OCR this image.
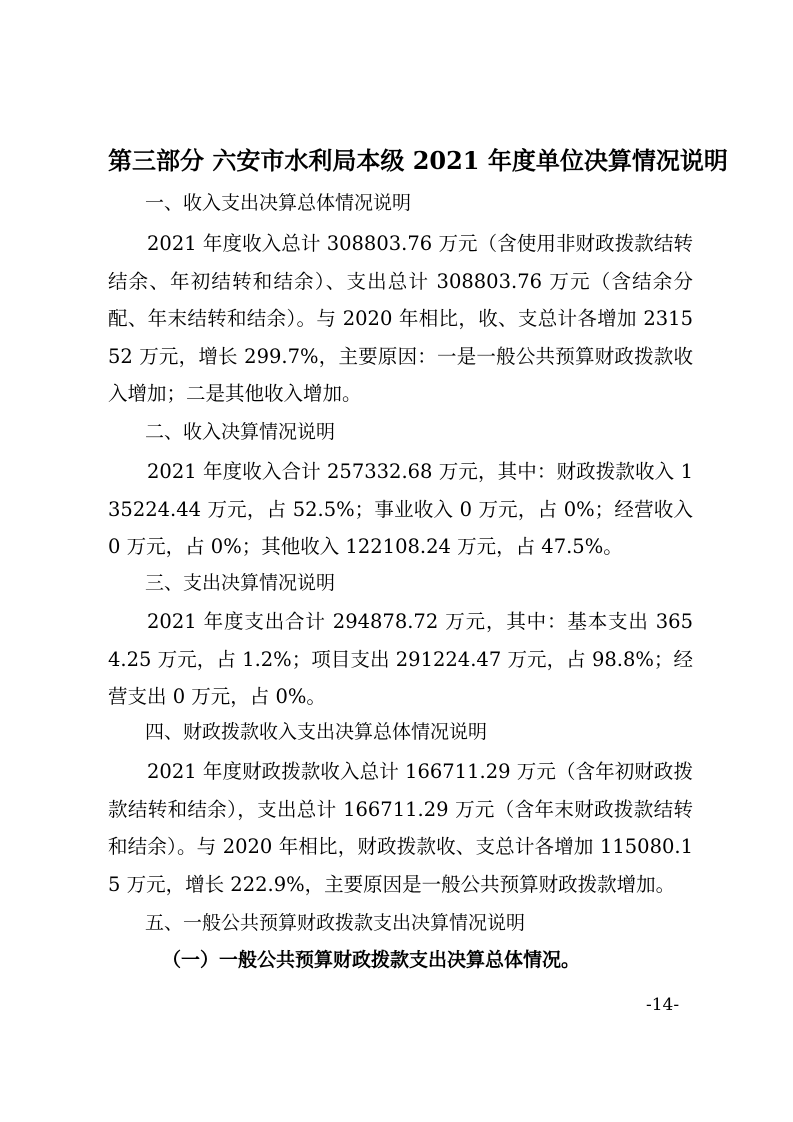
第三部分 六安市水利局本级 2021 年度单位决算情况说明
一、收入支出决算总体情况说明

2021 年度收入总计 308803.76 万元（含使用非财政拨款结转结余、年初结转和结余）、支出总计 308803.76 万元（含结余分配、年末结转和结余）。与 2020 年相比，收、支总计各增加 231552 万元，增长 299.7%，主要原因：一是一般公共预算财政拨款收入增加；二是其他收入增加。

二、收入决算情况说明

2021 年度收入合计 257332.68 万元，其中：财政拨款收入 135224.44 万元，占 52.5%；事业收入 0 万元，占 0%；经营收入 0 万元，占 0%；其他收入 122108.24 万元，占 47.5%。

三、支出决算情况说明

2021 年度支出合计 294878.72 万元，其中：基本支出 3654.25 万元，占 1.2%；项目支出 291224.47 万元，占 98.8%；经营支出 0 万元，占 0%。

四、财政拨款收入支出决算总体情况说明

2021 年度财政拨款收入总计 166711.29 万元（含年初财政拨款结转和结余），支出总计 166711.29 万元（含年末财政拨款结转和结余）。与 2020 年相比，财政拨款收、支总计各增加 115080.15 万元，增长 222.9%，主要原因是一般公共预算财政拨款增加。

五、一般公共预算财政拨款支出决算情况说明
（一）一般公共预算财政拨款支出决算总体情况。
-14-
